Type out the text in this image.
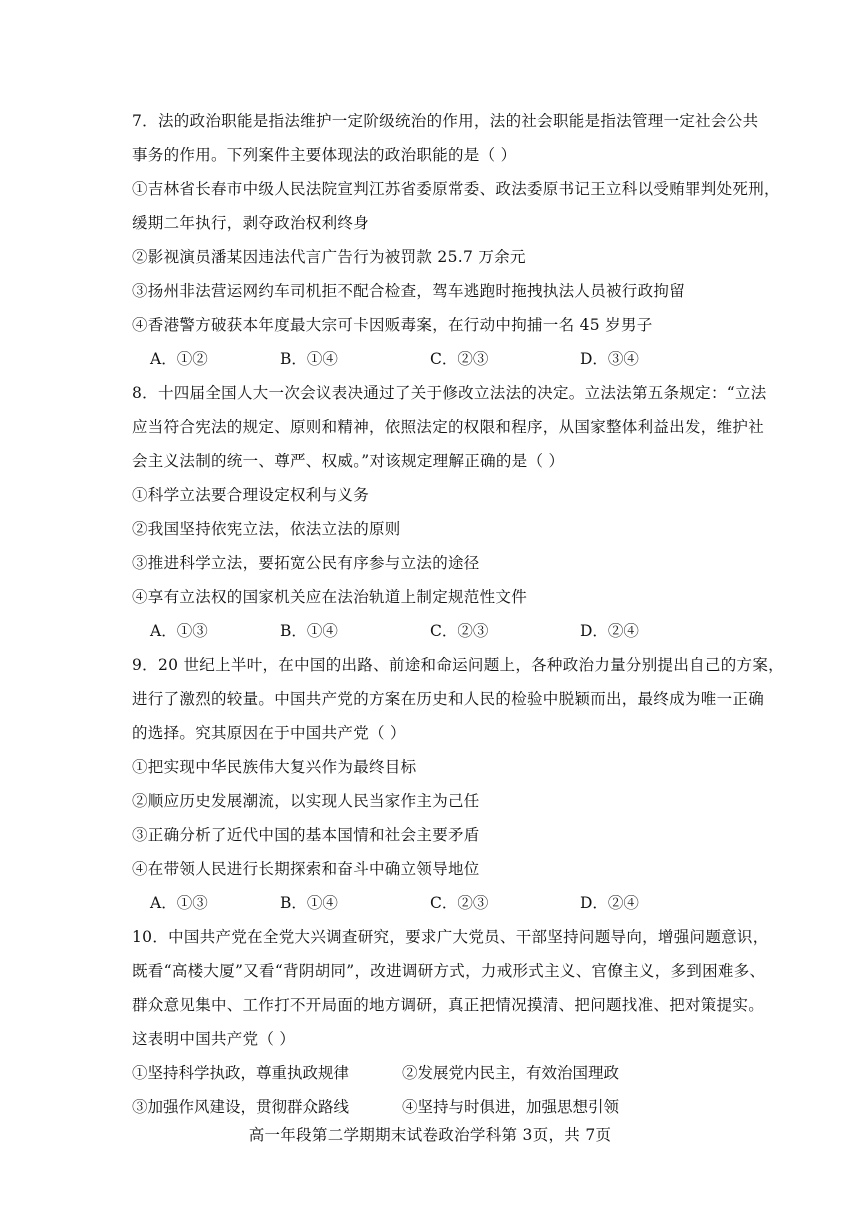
7．法的政治职能是指法维护一定阶级统治的作用，法的社会职能是指法管理一定社会公共
事务的作用。下列案件主要体现法的政治职能的是（ ）
①吉林省长春市中级人民法院宣判江苏省委原常委、政法委原书记王立科以受贿罪判处死刑，
缓期二年执行，剥夺政治权利终身
②影视演员潘某因违法代言广告行为被罚款 25.7 万余元
③扬州非法营运网约车司机拒不配合检查，驾车逃跑时拖拽执法人员被行政拘留
④香港警方破获本年度最大宗可卡因贩毒案，在行动中拘捕一名 45 岁男子
A．①②	B．①④	C．②③	D．③④
8．十四届全国人大一次会议表决通过了关于修改立法法的决定。立法法第五条规定：“立法
应当符合宪法的规定、原则和精神，依照法定的权限和程序，从国家整体利益出发，维护社
会主义法制的统一、尊严、权威。”对该规定理解正确的是（ ）
①科学立法要合理设定权利与义务
②我国坚持依宪立法，依法立法的原则
③推进科学立法，要拓宽公民有序参与立法的途径
④享有立法权的国家机关应在法治轨道上制定规范性文件
A．①③	B．①④	C．②③	D．②④
9．20 世纪上半叶，在中国的出路、前途和命运问题上，各种政治力量分别提出自己的方案，
进行了激烈的较量。中国共产党的方案在历史和人民的检验中脱颖而出，最终成为唯一正确
的选择。究其原因在于中国共产党（ ）
①把实现中华民族伟大复兴作为最终目标
②顺应历史发展潮流，以实现人民当家作主为己任
③正确分析了近代中国的基本国情和社会主要矛盾
④在带领人民进行长期探索和奋斗中确立领导地位
A．①③	B．①④	C．②③	D．②④
10．中国共产党在全党大兴调查研究，要求广大党员、干部坚持问题导向，增强问题意识，
既看“高楼大厦”又看“背阴胡同”，改进调研方式，力戒形式主义、官僚主义，多到困难多、
群众意见集中、工作打不开局面的地方调研，真正把情况摸清、把问题找准、把对策提实。
这表明中国共产党（ ）
①坚持科学执政，尊重执政规律	②发展党内民主，有效治国理政
③加强作风建设，贯彻群众路线	④坚持与时俱进，加强思想引领
高一年段第二学期期末试卷政治学科第 3页，共 7页
